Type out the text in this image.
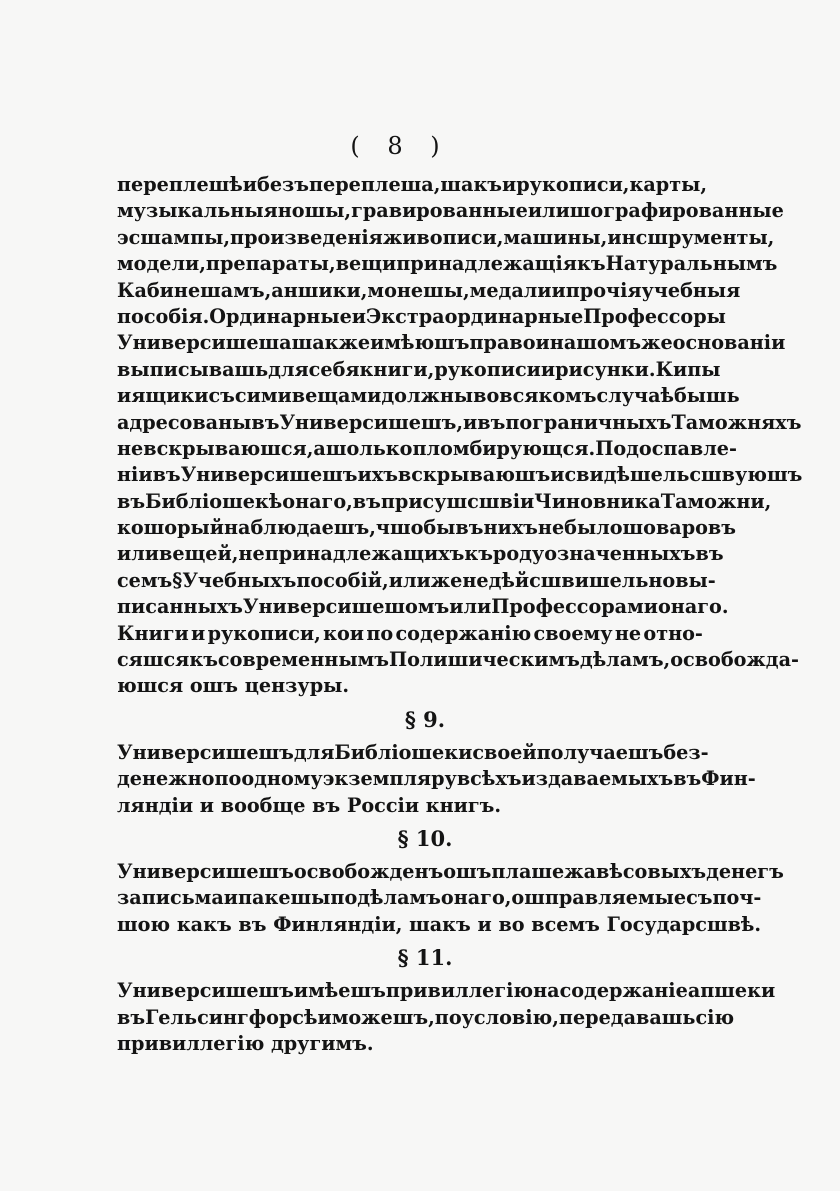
( 8 )
переплешѣ и безъ переплеша, шакъ и рукописи, карты,
музыкальныя ношы, гравированные и лишографированные
эсшампы, произведенія живописи, машины, инсшрументы,
модели, препараты, вещи принадлежащія къ Натуральнымъ
Кабинешамъ, аншики, монешы, медали и прочія учебныя
пособія. Ординарные и Экстраординарные Профессоры
Универсишеша шакже имѣюшъ право и на шомъ же основаніи
выписывашь для себя книги, рукописи и рисунки. Кипы
и ящики съ сими вещами должны во всякомъ случаѣ бышь
адресованы въ Универсишешъ, и въ пограничныхъ Таможняхъ
не вскрываюшся, а шолько пломбирующся. По доспавле-
ніи въ Универсишешъ ихъ вскрываюшъ и свидѣшельсшвуюшъ
въ Библіошекѣ онаго, въ присушсшвіи Чиновника Таможни,
кошорый наблюдаешъ, чшобы въ нихъ не было шоваровъ
или вещей, не принадлежащихъ къ роду означенныхъ въ
семъ § Учебныхъ пособій, или же не дѣйсшвишельно вы-
писанныхъ Универсишешомъ или Профессорами онаго.
Книги и рукописи, кои по содержанію своему не отно-
сяшся къ современнымъ Полишическимъ дѣламъ, освобожда-
юшся ошъ цензуры.
§ 9.
Универсишешъ для Библіошеки своей получаешъ без-
денежно по одному экземпляру всѣхъ издаваемыхъ въ Фин-
ляндіи и вообще въ Россіи книгъ.
§ 10.
Универсишешъ освобожденъ ошъ плашежа вѣсовыхъ денегъ
за письма и пакешы по дѣламъ онаго, ошправляемые съ поч-
шою какъ въ Финляндіи, шакъ и во всемъ Государсшвѣ.
§ 11.
Универсишешъ имѣешъ привиллегію на содержаніе апшеки
въ Гельсингфорсѣ и можешъ, по условію, передавашь сію
привиллегію другимъ.
